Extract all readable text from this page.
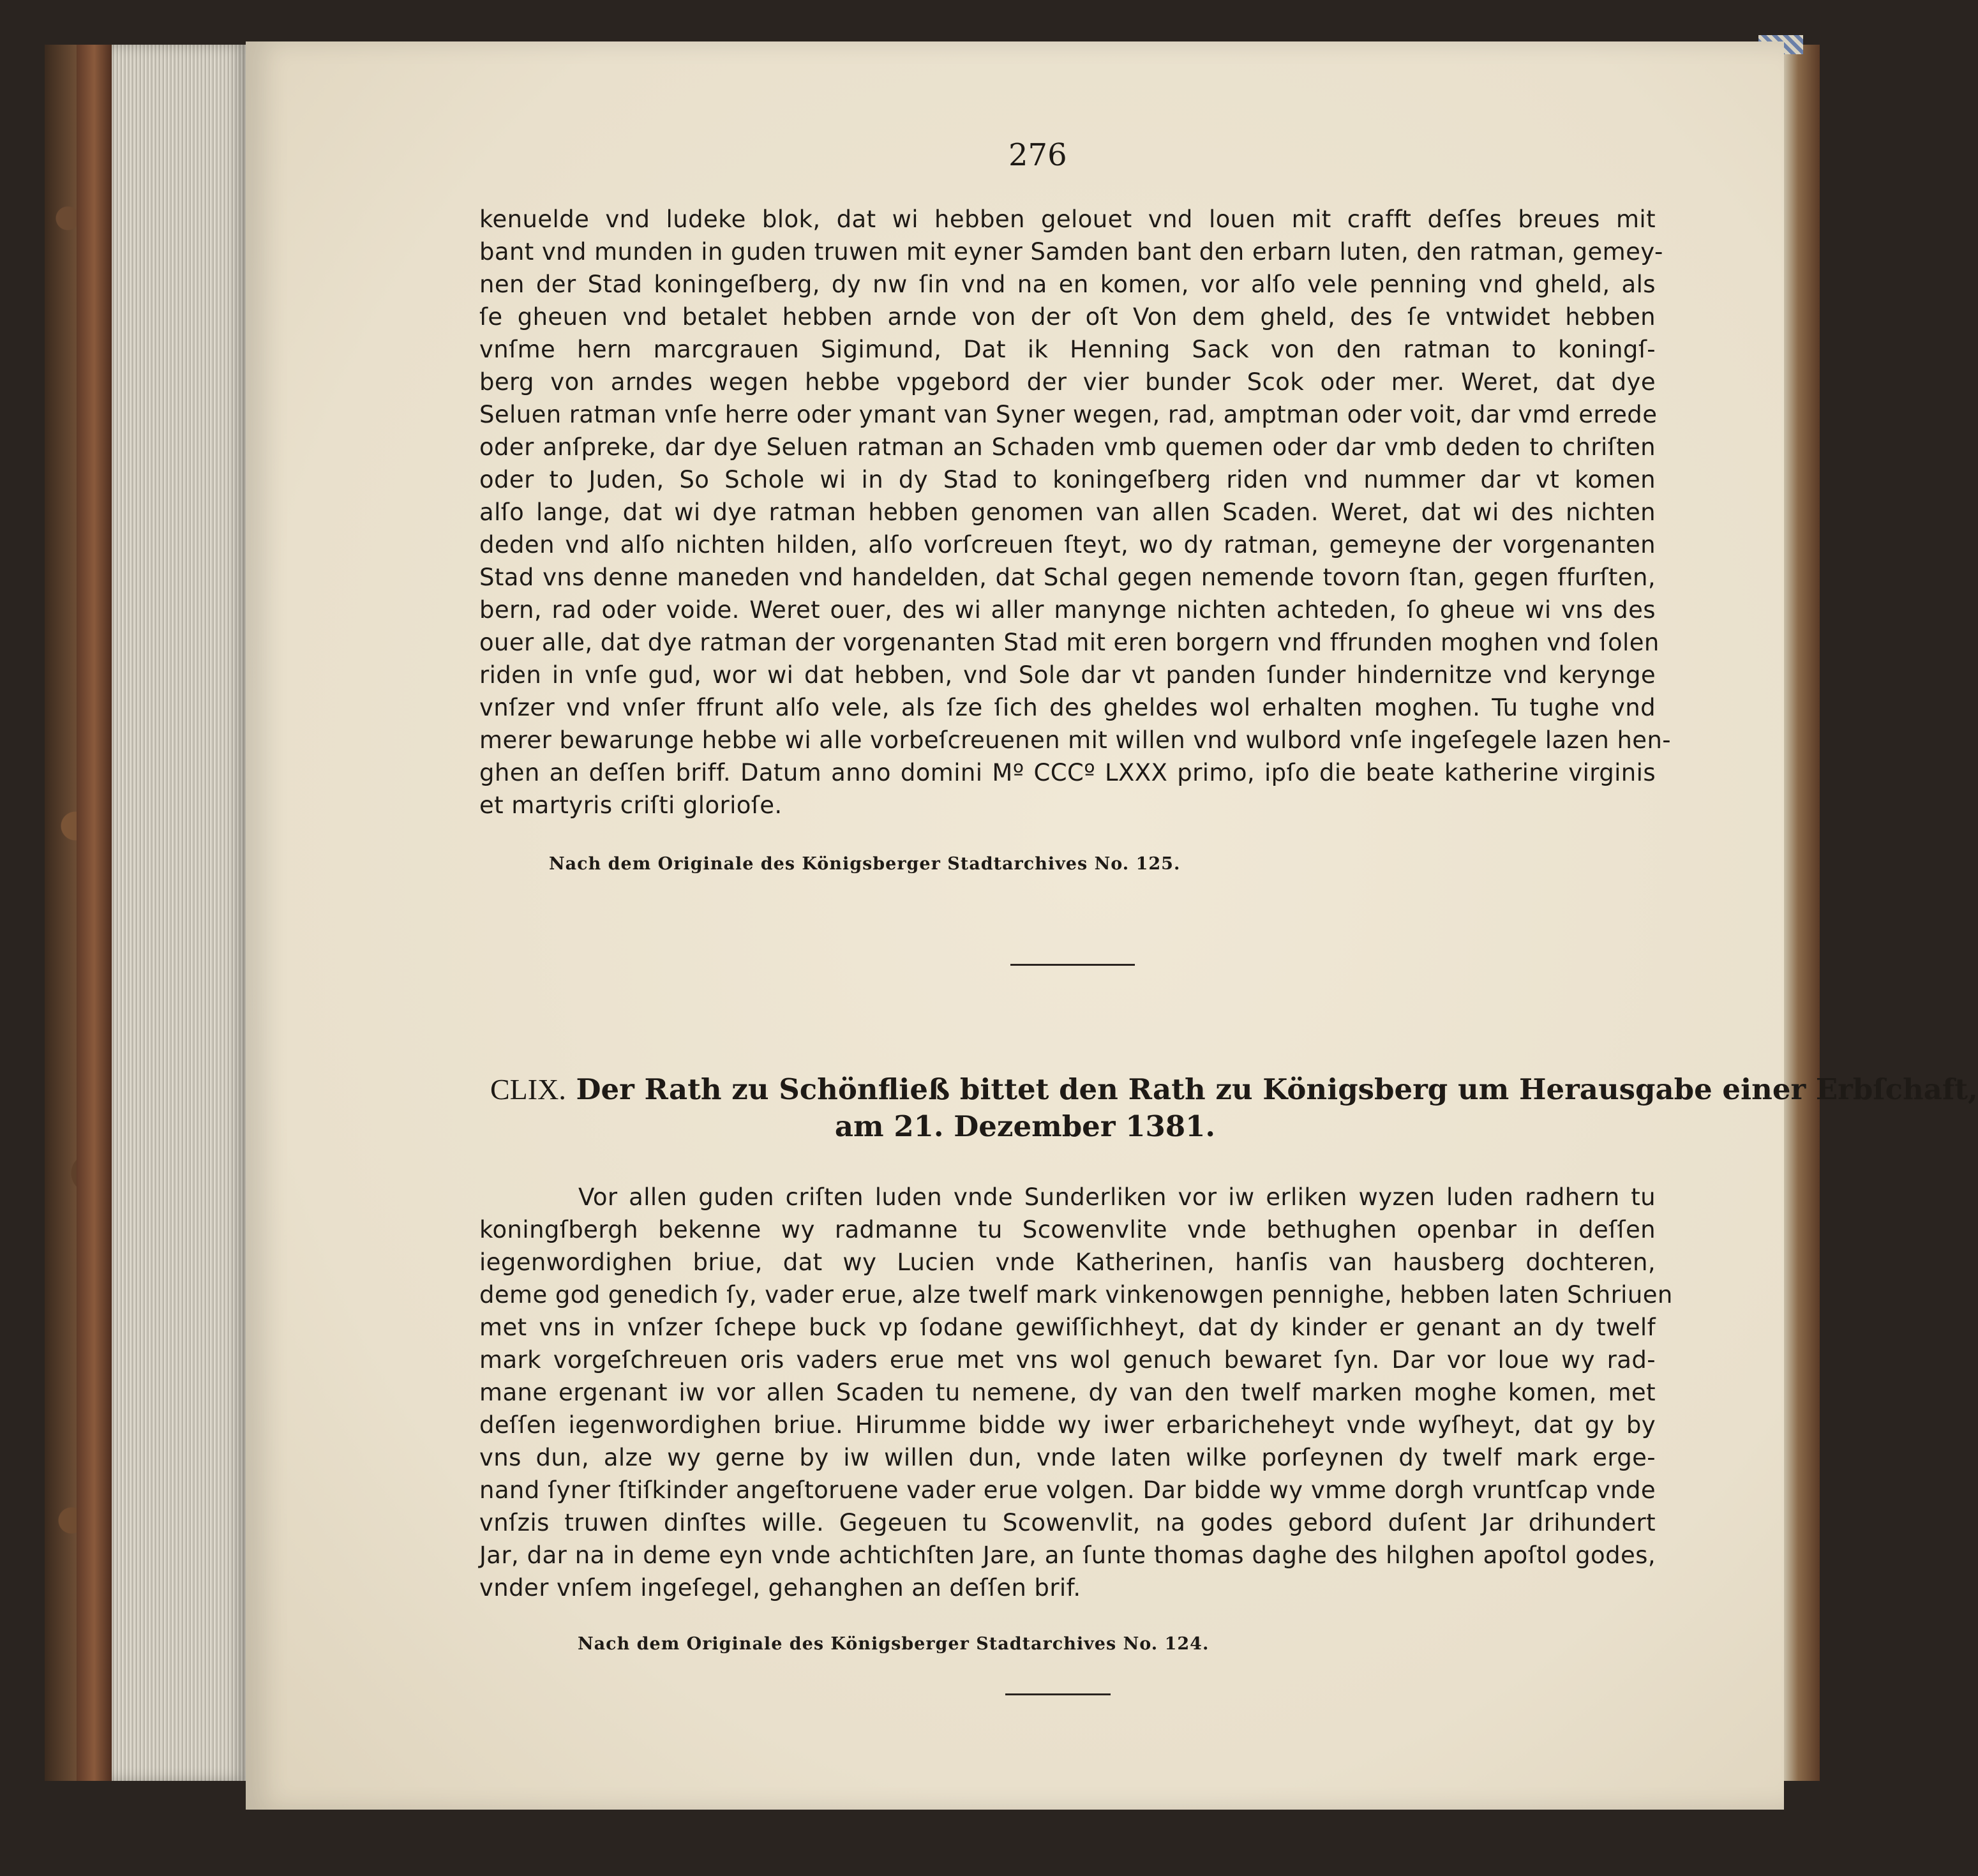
276
kenuelde vnd ludeke blok, dat wi hebben gelouet vnd louen mit crafft deſſes breues mit
bant vnd munden in guden truwen mit eyner Samden bant den erbarn luten, den ratman, gemey-
nen der Stad koningeſberg, dy nw ſin vnd na en komen, vor alſo vele penning vnd gheld, als
ſe gheuen vnd betalet hebben arnde von der oſt Von dem gheld, des ſe vntwidet hebben
vnſme hern marcgrauen Sigimund, Dat ik Henning Sack von den ratman to koningſ-
berg von arndes wegen hebbe vpgebord der vier bunder Scok oder mer. Weret, dat dye
Seluen ratman vnſe herre oder ymant van Syner wegen, rad, amptman oder voit, dar vmd errede
oder anſpreke, dar dye Seluen ratman an Schaden vmb quemen oder dar vmb deden to chriſten
oder to Juden, So Schole wi in dy Stad to koningeſberg riden vnd nummer dar vt komen
alſo lange, dat wi dye ratman hebben genomen van allen Scaden. Weret, dat wi des nichten
deden vnd alſo nichten hilden, alſo vorſcreuen ſteyt, wo dy ratman, gemeyne der vorgenanten
Stad vns denne maneden vnd handelden, dat Schal gegen nemende tovorn ſtan, gegen ffurſten,
bern, rad oder voide. Weret ouer, des wi aller manynge nichten achteden, ſo gheue wi vns des
ouer alle, dat dye ratman der vorgenanten Stad mit eren borgern vnd ffrunden moghen vnd ſolen
riden in vnſe gud, wor wi dat hebben, vnd Sole dar vt panden ſunder hindernitze vnd kerynge
vnſzer vnd vnſer ffrunt alſo vele, als ſze ſich des gheldes wol erhalten moghen. Tu tughe vnd
merer bewarunge hebbe wi alle vorbeſcreuenen mit willen vnd wulbord vnſe ingeſegele lazen hen-
ghen an deſſen briff. Datum anno domini Mº CCCº LXXX primo, ipſo die beate katherine virginis
et martyris criſti glorioſe.
Nach dem Originale des Königsberger Stadtarchives No. 125.
CLIX. Der Rath zu Schönfließ bittet den Rath zu Königsberg um Herausgabe einer Erbſchaft,
am 21. Dezember 1381.
Vor allen guden criſten luden vnde Sunderliken vor iw erliken wyzen luden radhern tu
koningſbergh bekenne wy radmanne tu Scowenvlite vnde bethughen openbar in deſſen
iegenwordighen briue, dat wy Lucien vnde Katherinen, hanſis van hausberg dochteren,
deme god genedich ſy, vader erue, alze twelf mark vinkenowgen pennighe, hebben laten Schriuen
met vns in vnſzer ſchepe buck vp ſodane gewiſſichheyt, dat dy kinder er genant an dy twelf
mark vorgeſchreuen oris vaders erue met vns wol genuch bewaret ſyn. Dar vor loue wy rad-
mane ergenant iw vor allen Scaden tu nemene, dy van den twelf marken moghe komen, met
deſſen iegenwordighen briue. Hirumme bidde wy iwer erbaricheheyt vnde wyſheyt, dat gy by
vns dun, alze wy gerne by iw willen dun, vnde laten wilke porſeynen dy twelf mark erge-
nand ſyner ſtiſkinder angeſtoruene vader erue volgen. Dar bidde wy vmme dorgh vruntſcap vnde
vnſzis truwen dinſtes wille. Gegeuen tu Scowenvlit, na godes gebord duſent Jar drihundert
Jar, dar na in deme eyn vnde achtichſten Jare, an ſunte thomas daghe des hilghen apoſtol godes,
vnder vnſem ingeſegel, gehanghen an deſſen brif.
Nach dem Originale des Königsberger Stadtarchives No. 124.
